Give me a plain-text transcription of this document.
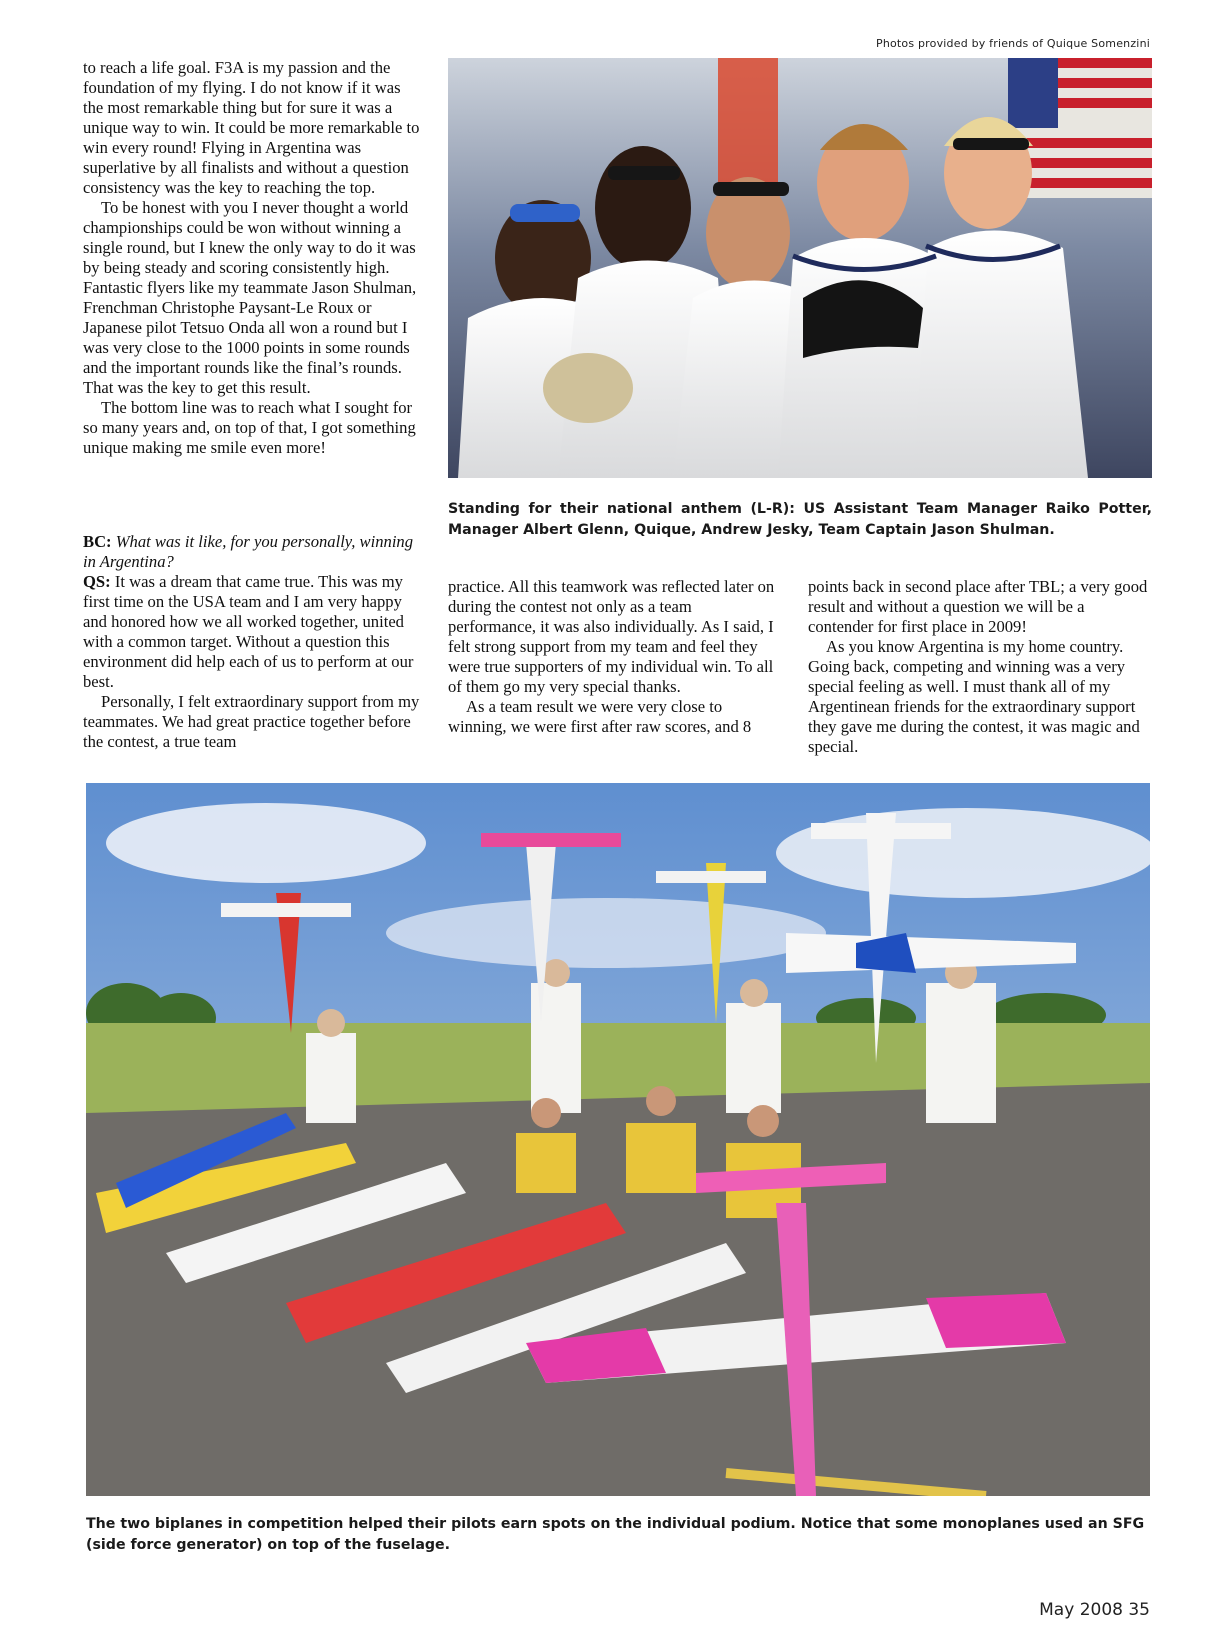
Photos provided by friends of Quique Somenzini

to reach a life goal. F3A is my passion and the foundation of my flying. I do not know if it was the most remarkable thing but for sure it was a unique way to win. It could be more remarkable to win every round! Flying in Argentina was superlative by all finalists and without a question consistency was the key to reaching the top.

To be honest with you I never thought a world championships could be won without winning a single round, but I knew the only way to do it was by being steady and scoring consistently high. Fantastic flyers like my teammate Jason Shulman, Frenchman Christophe Paysant-Le Roux or Japanese pilot Tetsuo Onda all won a round but I was very close to the 1000 points in some rounds and the important rounds like the final’s rounds. That was the key to get this result.

The bottom line was to reach what I sought for so many years and, on top of that, I got something unique making me smile even more!

BC: What was it like, for you personally, winning in Argentina?

QS: It was a dream that came true. This was my first time on the USA team and I am very happy and honored how we all worked together, united with a common target. Without a question this environment did help each of us to perform at our best.

Personally, I felt extraordinary support from my teammates. We had great practice together before the contest, a true team

practice. All this teamwork was reflected later on during the contest not only as a team performance, it was also individually. As I said, I felt strong support from my team and feel they were true supporters of my individual win. To all of them go my very special thanks.

As a team result we were very close to winning, we were first after raw scores, and 8

points back in second place after TBL; a very good result and without a question we will be a contender for first place in 2009!

As you know Argentina is my home country. Going back, competing and winning was a very special feeling as well. I must thank all of my Argentinean friends for the extraordinary support they gave me during the contest, it was magic and special.

Standing for their national anthem (L-R): US Assistant Team Manager Raiko Potter, Manager Albert Glenn, Quique, Andrew Jesky, Team Captain Jason Shulman.
The two biplanes in competition helped their pilots earn spots on the individual podium. Notice that some monoplanes used an SFG (side force generator) on top of the fuselage.
May 2008 35
